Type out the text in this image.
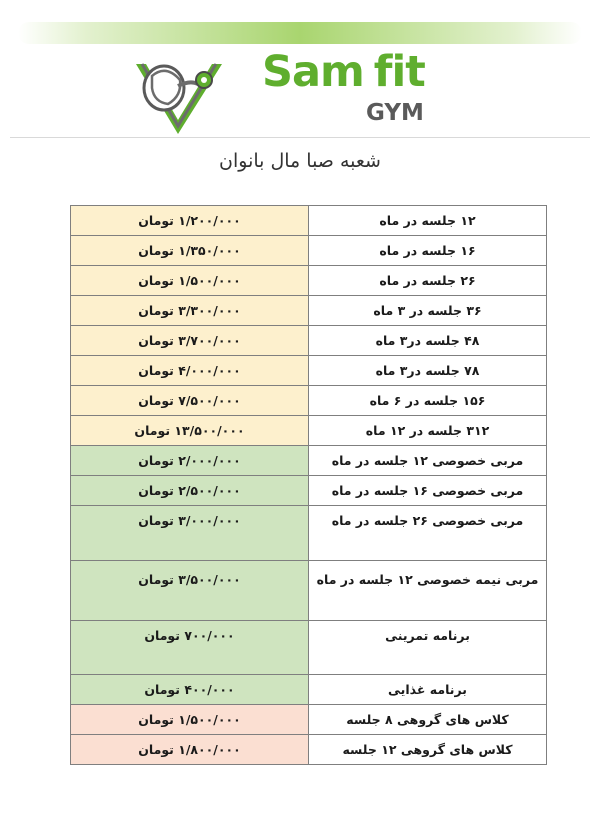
Sam fit
GYM
شعبه صبا مال بانوان
۱/۲۰۰/۰۰۰ تومان	۱۲ جلسه در ماه

۱/۳۵۰/۰۰۰ تومان	۱۶ جلسه در ماه

۱/۵۰۰/۰۰۰ تومان	۲۶ جلسه در ماه

۳/۳۰۰/۰۰۰ تومان	۳۶ جلسه در ۳ ماه

۳/۷۰۰/۰۰۰ تومان	۴۸ جلسه در۳ ماه

۴/۰۰۰/۰۰۰ تومان	۷۸ جلسه در۳ ماه

۷/۵۰۰/۰۰۰ تومان	۱۵۶ جلسه در ۶ ماه

۱۳/۵۰۰/۰۰۰ تومان	۳۱۲ جلسه در ۱۲ ماه

۲/۰۰۰/۰۰۰ تومان	مربی خصوصی ۱۲ جلسه در ماه

۲/۵۰۰/۰۰۰ تومان	مربی خصوصی ۱۶ جلسه در ماه

۳/۰۰۰/۰۰۰ تومان	مربی خصوصی ۲۶ جلسه در ماه

۳/۵۰۰/۰۰۰ تومان	مربی نیمه خصوصی ۱۲ جلسه در ماه

۷۰۰/۰۰۰ تومان	برنامه تمرینی

۴۰۰/۰۰۰ تومان	برنامه غذایی

۱/۵۰۰/۰۰۰ تومان	کلاس های گروهی ۸ جلسه

۱/۸۰۰/۰۰۰ تومان	کلاس های گروهی ۱۲ جلسه
